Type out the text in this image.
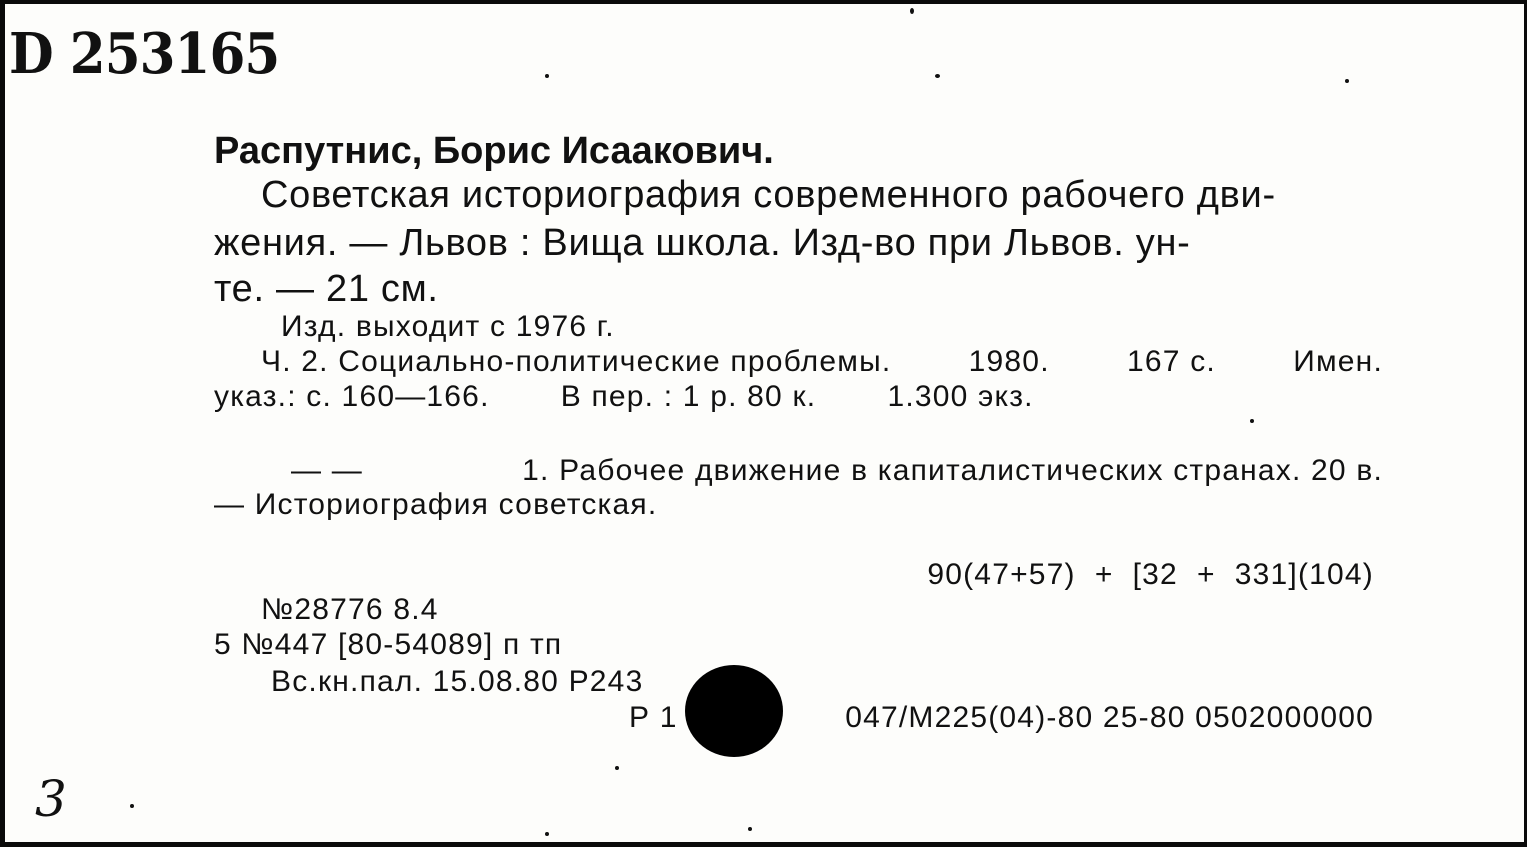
D 253165
Распутнис, Борис Исаакович.
Советская историография современного рабочего дви-
жения. — Львов : Вища школа. Изд-во при Львов. ун-
те. — 21 см.
Изд. выходит с 1976 г.
Ч. 2. Социально-политические проблемы.	1980.	167 с.	Имен.
указ.: с. 160—166. В пер. : 1 р. 80 к. 1.300 экз.
— —	1. Рабочее движение в капиталистических странах. 20 в.
— Историография советская.
90(47+57)  +  [32  +  331](104)
№28776 8.4
5 №447 [80-54089] п тп
Вс.кн.пал. 15.08.80 Р243
Р 1	047/М225(04)-80 25-80 0502000000
3
